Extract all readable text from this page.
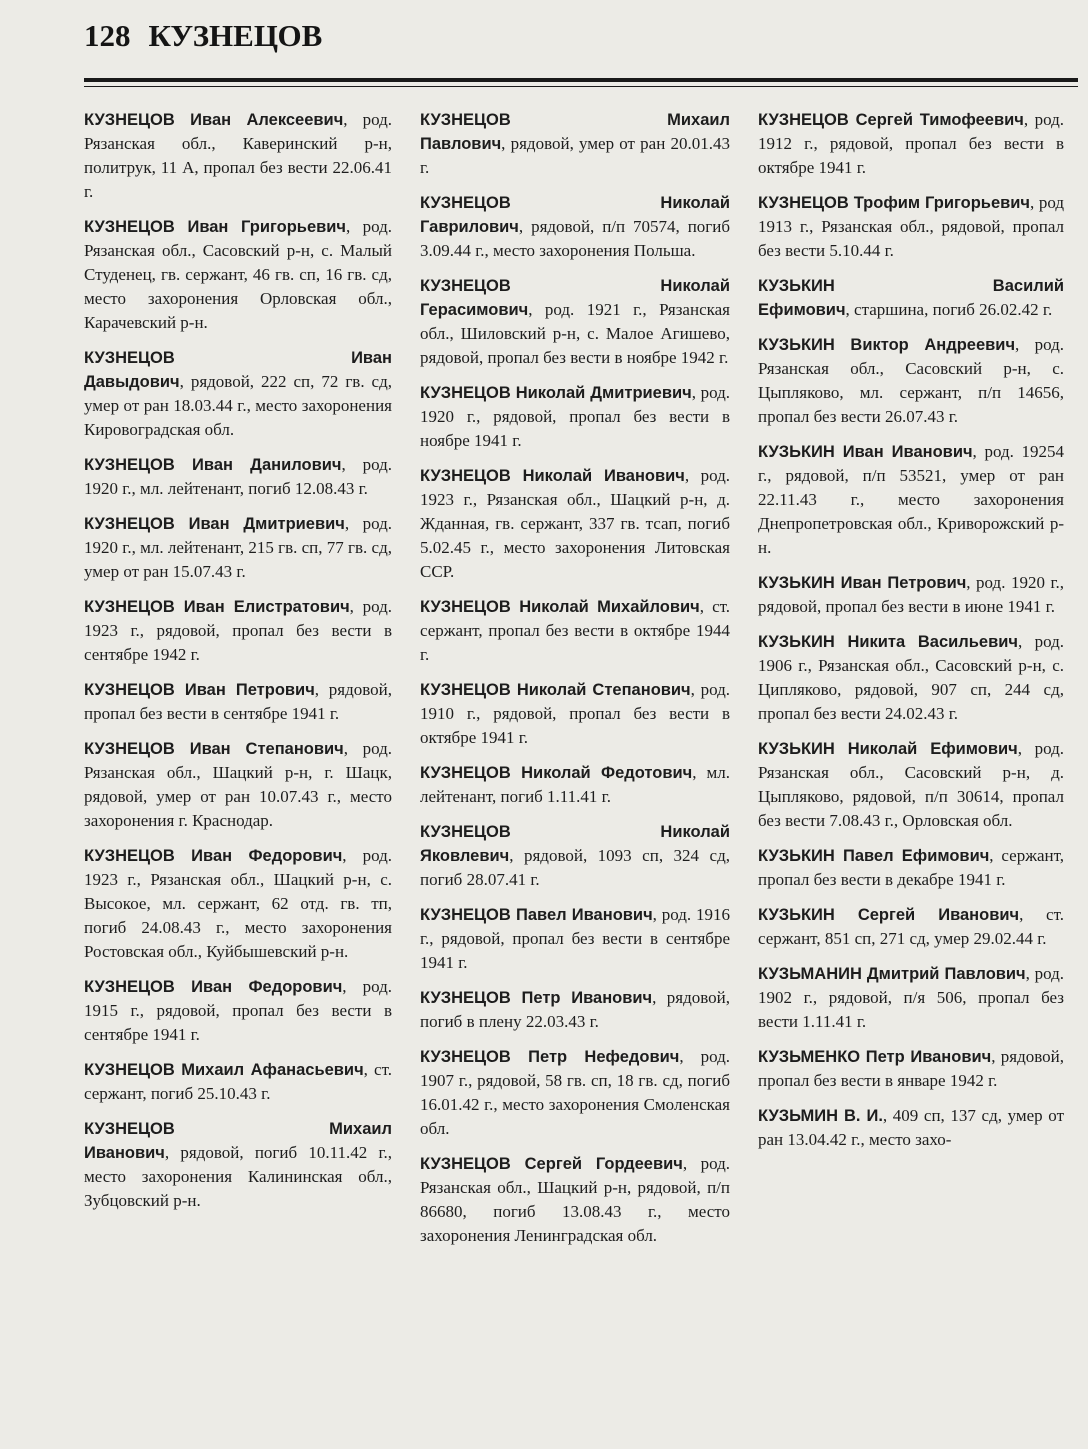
128 КУЗНЕЦОВ

КУЗНЕЦОВ Иван Алексеевич, род. Рязанская обл., Каверинский р-н, политрук, 11 А, пропал без вести 22.06.41 г.

КУЗНЕЦОВ Иван Григорьевич, род. Рязанская обл., Сасовский р-н, с. Малый Студенец, гв. сержант, 46 гв. сп, 16 гв. сд, место захоронения Орловская обл., Карачевский р-н.

КУЗНЕЦОВ Иван Давыдович, рядовой, 222 сп, 72 гв. сд, умер от ран 18.03.44 г., место захоронения Кировоградская обл.

КУЗНЕЦОВ Иван Данилович, род. 1920 г., мл. лейтенант, погиб 12.08.43 г.

КУЗНЕЦОВ Иван Дмитриевич, род. 1920 г., мл. лейтенант, 215 гв. сп, 77 гв. сд, умер от ран 15.07.43 г.

КУЗНЕЦОВ Иван Елистратович, род. 1923 г., рядовой, пропал без вести в сентябре 1942 г.

КУЗНЕЦОВ Иван Петрович, рядовой, пропал без вести в сентябре 1941 г.

КУЗНЕЦОВ Иван Степанович, род. Рязанская обл., Шацкий р-н, г. Шацк, рядовой, умер от ран 10.07.43 г., место захоронения г. Краснодар.

КУЗНЕЦОВ Иван Федорович, род. 1923 г., Рязанская обл., Шацкий р-н, с. Высокое, мл. сержант, 62 отд. гв. тп, погиб 24.08.43 г., место захоронения Ростовская обл., Куйбышевский р-н.

КУЗНЕЦОВ Иван Федорович, род. 1915 г., рядовой, пропал без вести в сентябре 1941 г.

КУЗНЕЦОВ Михаил Афанасьевич, ст. сержант, погиб 25.10.43 г.

КУЗНЕЦОВ Михаил Иванович, рядовой, погиб 10.11.42 г., место захоронения Калининская обл., Зубцовский р-н.

КУЗНЕЦОВ Михаил Павлович, рядовой, умер от ран 20.01.43 г.

КУЗНЕЦОВ Николай Гаврилович, рядовой, п/п 70574, погиб 3.09.44 г., место захоронения Польша.

КУЗНЕЦОВ Николай Герасимович, род. 1921 г., Рязанская обл., Шиловский р-н, с. Малое Агишево, рядовой, пропал без вести в ноябре 1942 г.

КУЗНЕЦОВ Николай Дмитриевич, род. 1920 г., рядовой, пропал без вести в ноябре 1941 г.

КУЗНЕЦОВ Николай Иванович, род. 1923 г., Рязанская обл., Шацкий р-н, д. Жданная, гв. сержант, 337 гв. тсап, погиб 5.02.45 г., место захоронения Литовская ССР.

КУЗНЕЦОВ Николай Михайлович, ст. сержант, пропал без вести в октябре 1944 г.

КУЗНЕЦОВ Николай Степанович, род. 1910 г., рядовой, пропал без вести в октябре 1941 г.

КУЗНЕЦОВ Николай Федотович, мл. лейтенант, погиб 1.11.41 г.

КУЗНЕЦОВ Николай Яковлевич, рядовой, 1093 сп, 324 сд, погиб 28.07.41 г.

КУЗНЕЦОВ Павел Иванович, род. 1916 г., рядовой, пропал без вести в сентябре 1941 г.

КУЗНЕЦОВ Петр Иванович, рядовой, погиб в плену 22.03.43 г.

КУЗНЕЦОВ Петр Нефедович, род. 1907 г., рядовой, 58 гв. сп, 18 гв. сд, погиб 16.01.42 г., место захоронения Смоленская обл.

КУЗНЕЦОВ Сергей Гордеевич, род. Рязанская обл., Шацкий р-н, рядовой, п/п 86680, погиб 13.08.43 г., место захоронения Ленинградская обл.

КУЗНЕЦОВ Сергей Тимофеевич, род. 1912 г., рядовой, пропал без вести в октябре 1941 г.

КУЗНЕЦОВ Трофим Григорьевич, род 1913 г., Рязанская обл., рядовой, пропал без вести 5.10.44 г.

КУЗЬКИН Василий Ефимович, старшина, погиб 26.02.42 г.

КУЗЬКИН Виктор Андреевич, род. Рязанская обл., Сасовский р-н, с. Цыпляково, мл. сержант, п/п 14656, пропал без вести 26.07.43 г.

КУЗЬКИН Иван Иванович, род. 19254 г., рядовой, п/п 53521, умер от ран 22.11.43 г., место захоронения Днепропетровская обл., Криворожский р-н.

КУЗЬКИН Иван Петрович, род. 1920 г., рядовой, пропал без вести в июне 1941 г.

КУЗЬКИН Никита Васильевич, род. 1906 г., Рязанская обл., Сасовский р-н, с. Ципляково, рядовой, 907 сп, 244 сд, пропал без вести 24.02.43 г.

КУЗЬКИН Николай Ефимович, род. Рязанская обл., Сасовский р-н, д. Цыпляково, рядовой, п/п 30614, пропал без вести 7.08.43 г., Орловская обл.

КУЗЬКИН Павел Ефимович, сержант, пропал без вести в декабре 1941 г.

КУЗЬКИН Сергей Иванович, ст. сержант, 851 сп, 271 сд, умер 29.02.44 г.

КУЗЬМАНИН Дмитрий Павлович, род. 1902 г., рядовой, п/я 506, пропал без вести 1.11.41 г.

КУЗЬМЕНКО Петр Иванович, рядовой, пропал без вести в январе 1942 г.

КУЗЬМИН В. И., 409 сп, 137 сд, умер от ран 13.04.42 г., место захо-
